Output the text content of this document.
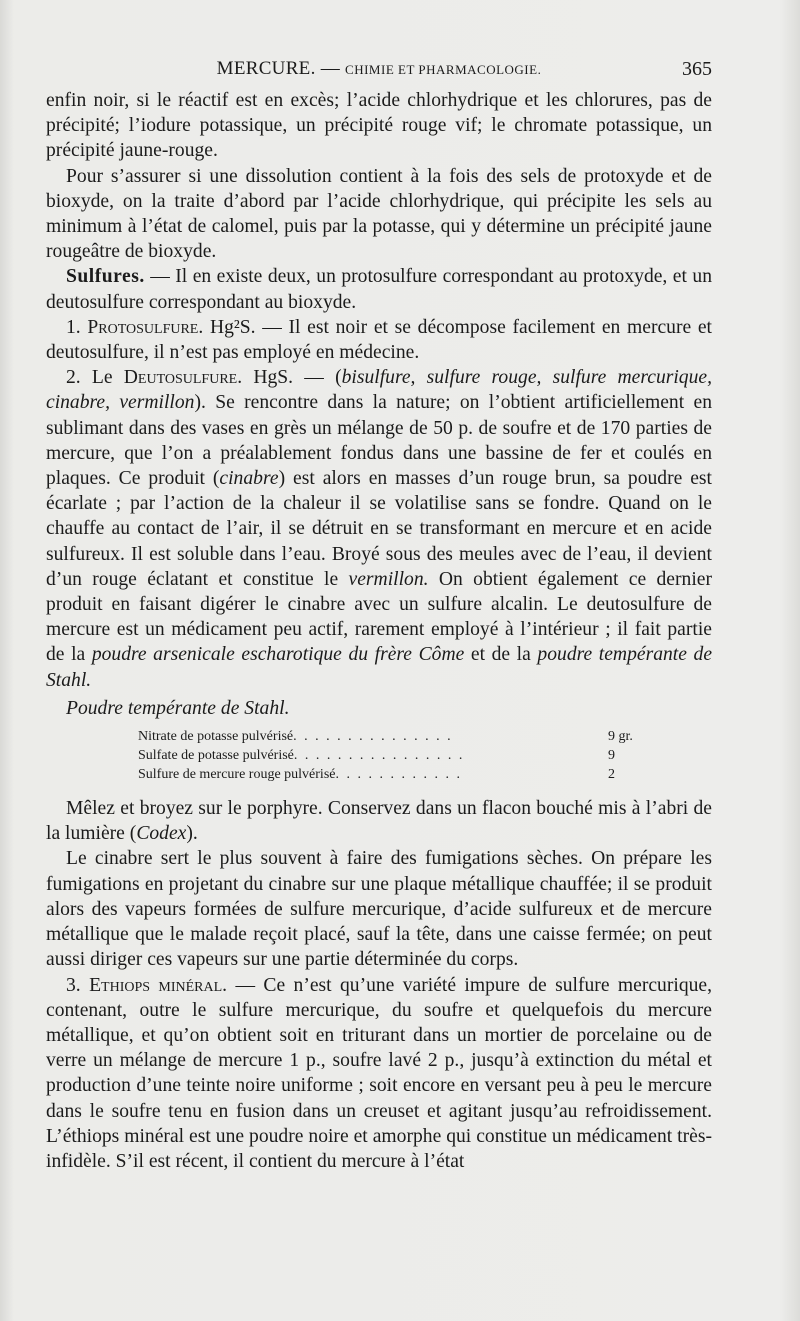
MERCURE. — CHIMIE ET PHARMACOLOGIE.	365

enfin noir, si le réactif est en excès; l’acide chlorhydrique et les chlorures, pas de précipité; l’iodure potassique, un précipité rouge vif; le chromate potassique, un précipité jaune-rouge.

Pour s’assurer si une dissolution contient à la fois des sels de protoxyde et de bioxyde, on la traite d’abord par l’acide chlorhydrique, qui précipite les sels au minimum à l’état de calomel, puis par la potasse, qui y détermine un précipité jaune rougeâtre de bioxyde.

Sulfures. — Il en existe deux, un protosulfure correspondant au protoxyde, et un deutosulfure correspondant au bioxyde.

1. Protosulfure. Hg²S. — Il est noir et se décompose facilement en mercure et deutosulfure, il n’est pas employé en médecine.

2. Le Deutosulfure. HgS. — (bisulfure, sulfure rouge, sulfure mercurique, cinabre, vermillon). Se rencontre dans la nature; on l’obtient artificiellement en sublimant dans des vases en grès un mélange de 50 p. de soufre et de 170 parties de mercure, que l’on a préalablement fondus dans une bassine de fer et coulés en plaques. Ce produit (cinabre) est alors en masses d’un rouge brun, sa poudre est écarlate ; par l’action de la chaleur il se volatilise sans se fondre. Quand on le chauffe au contact de l’air, il se détruit en se transformant en mercure et en acide sulfureux. Il est soluble dans l’eau. Broyé sous des meules avec de l’eau, il devient d’un rouge éclatant et constitue le vermillon. On obtient également ce dernier produit en faisant digérer le cinabre avec un sulfure alcalin. Le deutosulfure de mercure est un médicament peu actif, rarement employé à l’intérieur ; il fait partie de la poudre arsenicale escharotique du frère Côme et de la poudre tempérante de Stahl.

Poudre tempérante de Stahl.

Nitrate de potasse pulvérisé. . . . . . . . . . . . . . .	9 gr.
Sulfate de potasse pulvérisé. . . . . . . . . . . . . . . .	9
Sulfure de mercure rouge pulvérisé. . . . . . . . . . . .	2

Mêlez et broyez sur le porphyre. Conservez dans un flacon bouché mis à l’abri de la lumière (Codex).

Le cinabre sert le plus souvent à faire des fumigations sèches. On prépare les fumigations en projetant du cinabre sur une plaque métallique chauffée; il se produit alors des vapeurs formées de sulfure mercurique, d’acide sulfureux et de mercure métallique que le malade reçoit placé, sauf la tête, dans une caisse fermée; on peut aussi diriger ces vapeurs sur une partie déterminée du corps.

3. Ethiops minéral. — Ce n’est qu’une variété impure de sulfure mercurique, contenant, outre le sulfure mercurique, du soufre et quelquefois du mercure métallique, et qu’on obtient soit en triturant dans un mortier de porcelaine ou de verre un mélange de mercure 1 p., soufre lavé 2 p., jusqu’à extinction du métal et production d’une teinte noire uniforme ; soit encore en versant peu à peu le mercure dans le soufre tenu en fusion dans un creuset et agitant jusqu’au refroidissement. L’éthiops minéral est une poudre noire et amorphe qui constitue un médicament très-infidèle. S’il est récent, il contient du mercure à l’état
